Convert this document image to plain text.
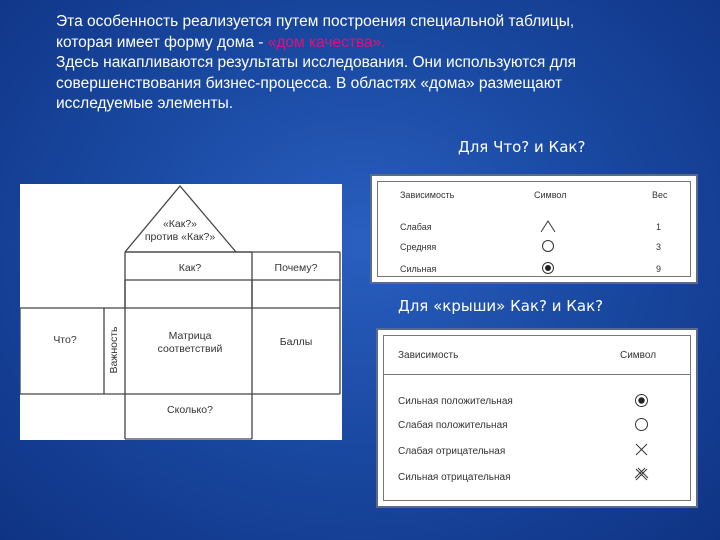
Эта особенность реализуется путем построения специальной таблицы,

которая имеет форму дома - «дом качества».

Здесь накапливаются результаты исследования. Они используются для

совершенствования бизнес-процесса. В областях «дома» размещают

исследуемые элементы.

Для Что? и Как?
«Как?»
против «Как?»
Как?	Почему?
Что?	Важность	Матрица
соответствий
Баллы
Сколько?
Зависимость	Символ	Вес
Слабая	1
Средняя	3
Сильная	9
Для «крыши» Как? и Как?
Зависимость	Символ
Сильная положительная
Слабая положительная
Слабая отрицательная
Сильная отрицательная
